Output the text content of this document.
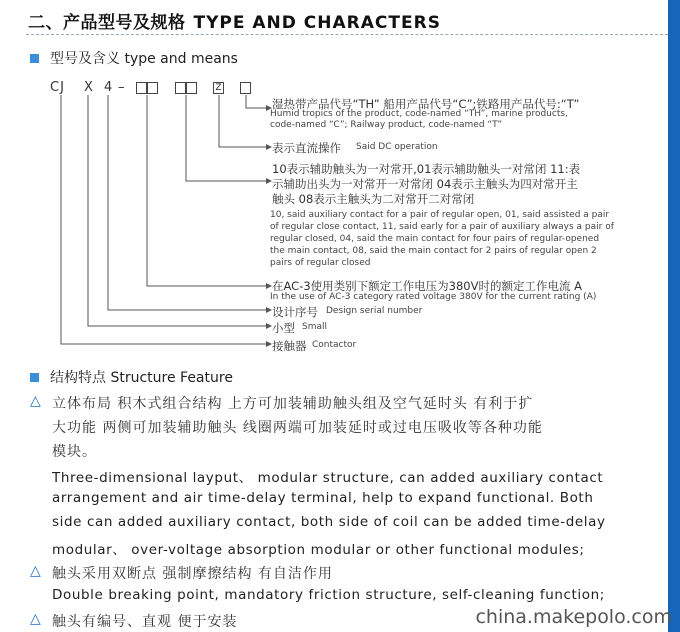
二、产品型号及规格 TYPE AND CHARACTERS
型号及含义 type and means
CJ X 4 –	Z
湿热带产品代号“TH” 船用产品代号“C”;铁路用产品代号:“T”
Humid tropics of the product, code-named “TH”, marine products,
code-named “C”; Railway product, code-named “T”
表示直流操作 Said DC operation
10表示辅助触头为一对常开,01表示辅助触头一对常闭 11:表
示辅助出头为一对常开一对常闭 04表示主触头为四对常开主
触头 08表示主触头为二对常开二对常闭
10, said auxiliary contact for a pair of regular open, 01, said assisted a pair
of regular close contact, 11, said early for a pair of auxiliary always a pair of
regular closed, 04, said the main contact for four pairs of regular-opened
the main contact, 08, said the main contact for 2 pairs of regular open 2
pairs of regular closed
在AC-3使用类别下额定工作电压为380V时的额定工作电流 A
In the use of AC-3 category rated voltage 380V for the current rating (A)
设计序号 Design serial number
小型 Small
接触器 Contactor
结构特点 Structure Feature
△ 立体布局 积木式组合结构 上方可加装辅助触头组及空气延时头 有利于扩
大功能 两侧可加装辅助触头 线圈两端可加装延时或过电压吸收等各种功能
模块。
Three-dimensional layput、 modular structure, can added auxiliary contact
arrangement and air time-delay terminal, help to expand functional. Both
side can added auxiliary contact, both side of coil can be added time-delay
modular、 over-voltage absorption modular or other functional modules;
△ 触头采用双断点 强制摩擦结构 有自洁作用
Double breaking point, mandatory friction structure, self-cleaning function;
△ 触头有编号、直观 便于安装	china.makepolo.com
